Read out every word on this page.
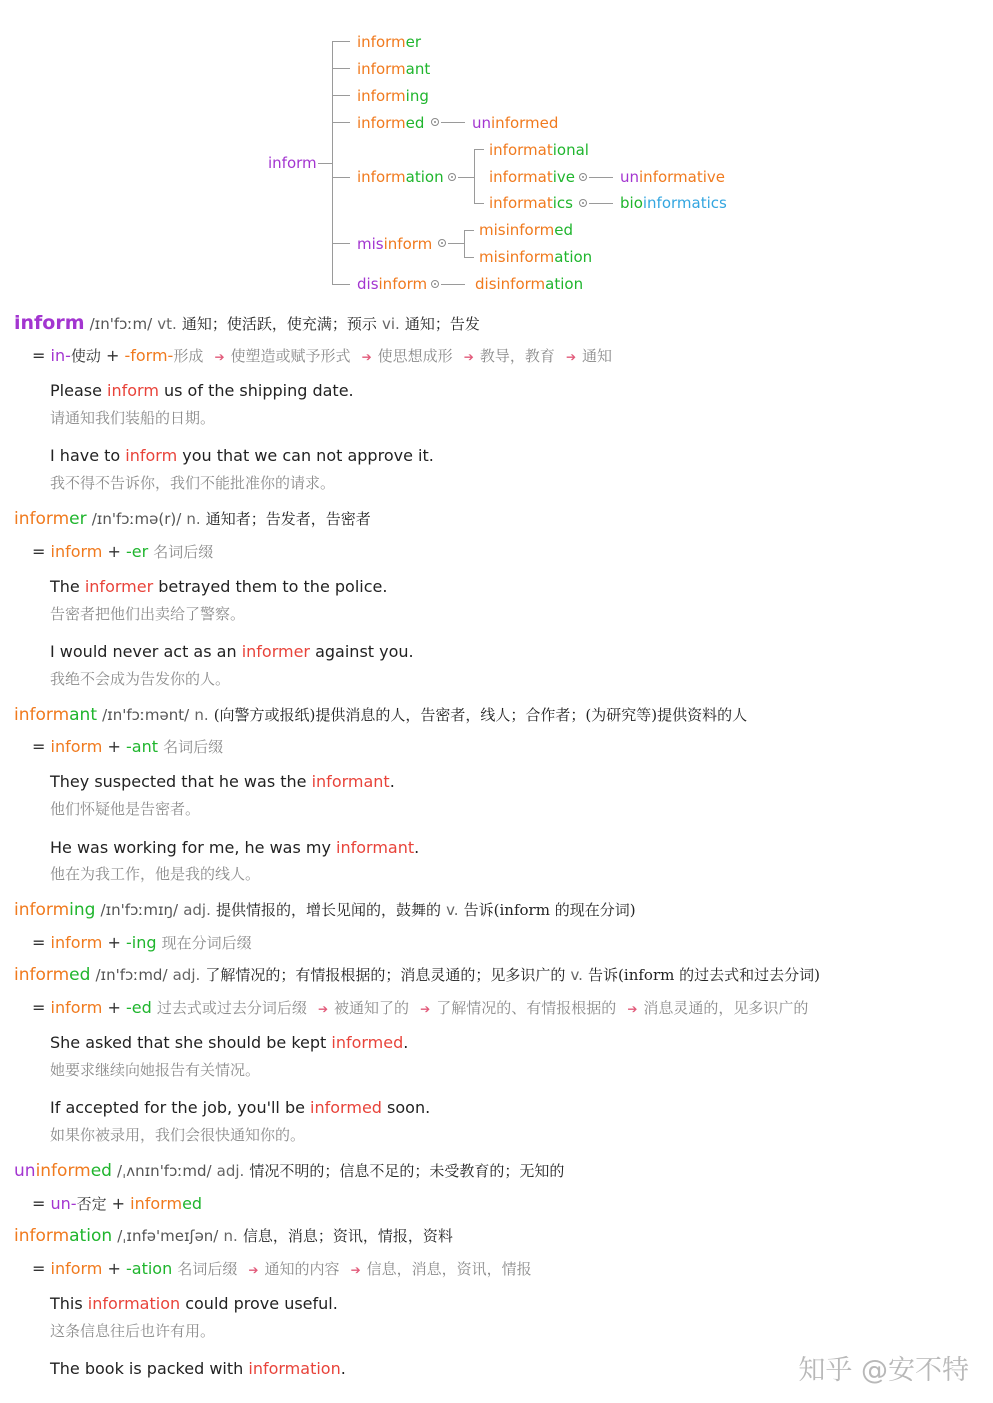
inform
informer
informant
informing
informed	uninformed
information
informational
informative	uninformative
informatics	bioinformatics
misinform
misinformed
misinformation
disinform	disinformation
inform /ɪn'fɔːm/ vt. 通知；使活跃，使充满；预示 vi. 通知；告发
= in-使动 + -form-形成 ➔ 使塑造或赋予形式 ➔ 使思想成形 ➔ 教导，教育 ➔ 通知
Please inform us of the shipping date.
请通知我们装船的日期。
I have to inform you that we can not approve it.
我不得不告诉你，我们不能批准你的请求。
informer /ɪn'fɔːmə(r)/ n. 通知者；告发者，告密者
= inform + -er 名词后缀
The informer betrayed them to the police.
告密者把他们出卖给了警察。
I would never act as an informer against you.
我绝不会成为告发你的人。
informant /ɪn'fɔːmənt/ n. (向警方或报纸)提供消息的人，告密者，线人；合作者；(为研究等)提供资料的人
= inform + -ant 名词后缀
They suspected that he was the informant.
他们怀疑他是告密者。
He was working for me, he was my informant.
他在为我工作，他是我的线人。
informing /ɪn'fɔːmɪŋ/ adj. 提供情报的，增长见闻的，鼓舞的 v. 告诉(inform 的现在分词)
= inform + -ing 现在分词后缀
informed /ɪn'fɔːmd/ adj. 了解情况的；有情报根据的；消息灵通的；见多识广的 v. 告诉(inform 的过去式和过去分词)
= inform + -ed 过去式或过去分词后缀 ➔ 被通知了的 ➔ 了解情况的、有情报根据的 ➔ 消息灵通的，见多识广的
She asked that she should be kept informed.
她要求继续向她报告有关情况。
If accepted for the job, you'll be informed soon.
如果你被录用，我们会很快通知你的。
uninformed /ˌʌnɪn'fɔːmd/ adj. 情况不明的；信息不足的；未受教育的；无知的
= un-否定 + informed
information /ˌɪnfə'meɪʃən/ n. 信息，消息；资讯，情报，资料
= inform + -ation 名词后缀 ➔ 通知的内容 ➔ 信息，消息，资讯，情报
This information could prove useful.
这条信息往后也许有用。
The book is packed with information.	知乎 @安不特
